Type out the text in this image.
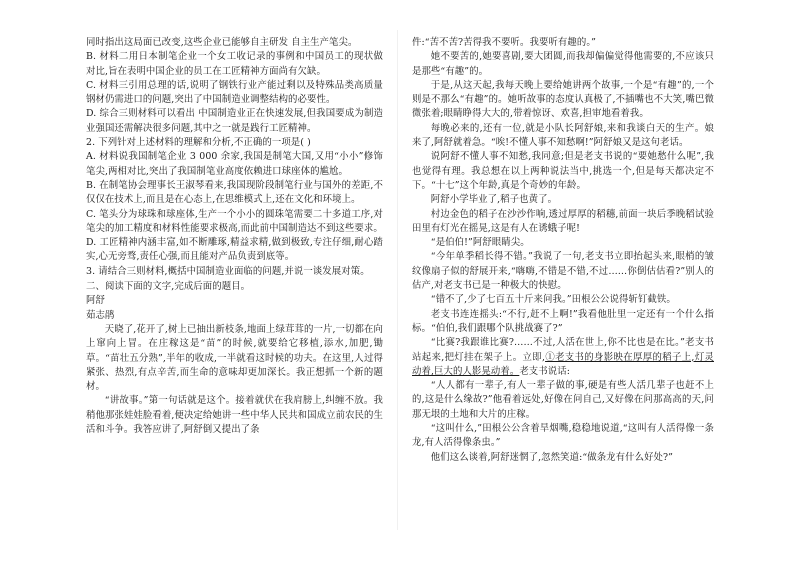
同时指出这局面已改变,这些企业已能够自主研发 自主生产笔尖。

B. 材料二用日本制笔企业一个女工收记录的事例和中国员工的现状做对比,旨在表明中国企业的员工在工匠精神方面尚有欠缺。

C. 材料三引用总理的话,说明了钢铁行业产能过剩以及特殊品类高质量钢材仍需进口的问题,突出了中国制造业调整结构的必要性。

D. 综合三则材料可以看出 中国制造业正在快速发展,但我国要成为制造业强国还需解决很多问题,其中之一就是践行工匠精神。

2. 下列针对上述材料的理解和分析,不正确的一项是( )

A. 材料说我国制笔企业 3 000 余家,我国是制笔大国,又用“小小”修饰笔尖,两相对比,突出了我国制笔业高度依赖进口球座体的尴尬。

B. 在制笔协会理事长王淑琴看来,我国现阶段制笔行业与国外的差距,不仅仅在技术上,而且是在心态上,在思维模式上,还在文化和环境上。

C. 笔头分为球珠和球座体,生产一个小小的圆珠笔需要二十多道工序,对笔尖的加工精度和材料性能要求极高,而此前中国制造达不到这些要求。

D. 工匠精神内涵丰富,如不断雕琢,精益求精,做到极致,专注仔细,耐心踏实,心无旁骛,责任心强,而且能对产品负责到底等。

3. 请结合三则材料,概括中国制造业面临的问题,并说一谈发展对策。

二、阅读下面的文字,完成后面的题目。

阿舒

茹志鹃

天晓了,花开了,树上已抽出新枝条,地面上绿茸茸的一片,一切都在向上窜向上冒。在庄稼这是“苗”的时候,就要给它移植,添水,加肥,锄草。“苗壮五分熟”,半年的收成,一半就看这时候的功夫。在这里,人过得紧张、热烈,有点辛苦,而生命的意味却更加深长。我正想抓一个新的题材。

“讲故事。”第一句话就是这个。接着就伏在我肩膀上,纠缠不放。我稍他那张娃娃脸看着,便决定给她讲一些中华人民共和国成立前农民的生活和斗争。我答应讲了,阿舒倒又提出了条

件:“苦不苦?苦得我不要听。我要听有趣的。”

她不要苦的,她要喜剧,要大团圆,而我却偏偏觉得他需要的,不应该只是那些“有趣”的。

于是,从这天起,我每天晚上要给她讲两个故事,一个是“有趣”的,一个则是不那么“有趣”的。她听故事的态度认真极了,不插嘴也不大笑,嘴巴微微张着;眼睛睁得大大的,带着惊讶、欢喜,担审地看着我。

每晚必来的,还有一位,就是小队长阿舒娘,来和我谈白天的生产。娘来了,阿舒就着急。“唉!不懂人事不知愁啊!”阿舒娘又是这句老话。

说阿舒不懂人事不知愁,我同意;但是老支书说的“要她愁什么呢”,我也觉得有理。我总想在以上两种说法当中,挑选一个,但是每天都决定不下。“十七”这个年龄,真是个奇妙的年龄。

阿舒小学毕业了,稻子也黄了。

村边金色的稻子在沙沙作响,透过厚厚的稻穗,前面一块后季晚稻试验田里有灯光在摇晃,这是有人在诱蛾子呢!

“是伯伯!”阿舒眼睛尖。

“今年单季稻长得不错。”我说了一句,老支书立即抬起头来,眼梢的皱纹像扇子似的舒展开来,“嗨嗨,不错是不错,不过……你倒估估看?”别人的估产,对老支书已是一种极大的快慰。

“错不了,少了七百五十斤来问我。”田根公公说得斩钉截铁。

老支书连连摇头:“不行,赶不上啊!”我看他肚里一定还有一个什么指标。“伯伯,我们跟哪个队挑战赛了?”

“比赛?我跟谁比赛?……不过,人活在世上,你不比也是在比。”老支书站起来,把灯挂在架子上。立即,①老支书的身影映在厚厚的稻子上,灯灵动着,巨大的人影晃动着。老支书说话:

“人人都有一辈子,有人一辈子做的事,硬是有些人活几辈子也赶不上的,这是什么缘故?”他看着远处,好像在问自己,又好像在问那高高的天,问那无垠的土地和大片的庄稼。

“这叫什么,”田根公公含着旱烟嘴,稳稳地说道,“这叫有人活得像一条龙,有人活得像条虫。”

他们这么谈着,阿舒迷惘了,忽然笑道:“做条龙有什么好处?”
